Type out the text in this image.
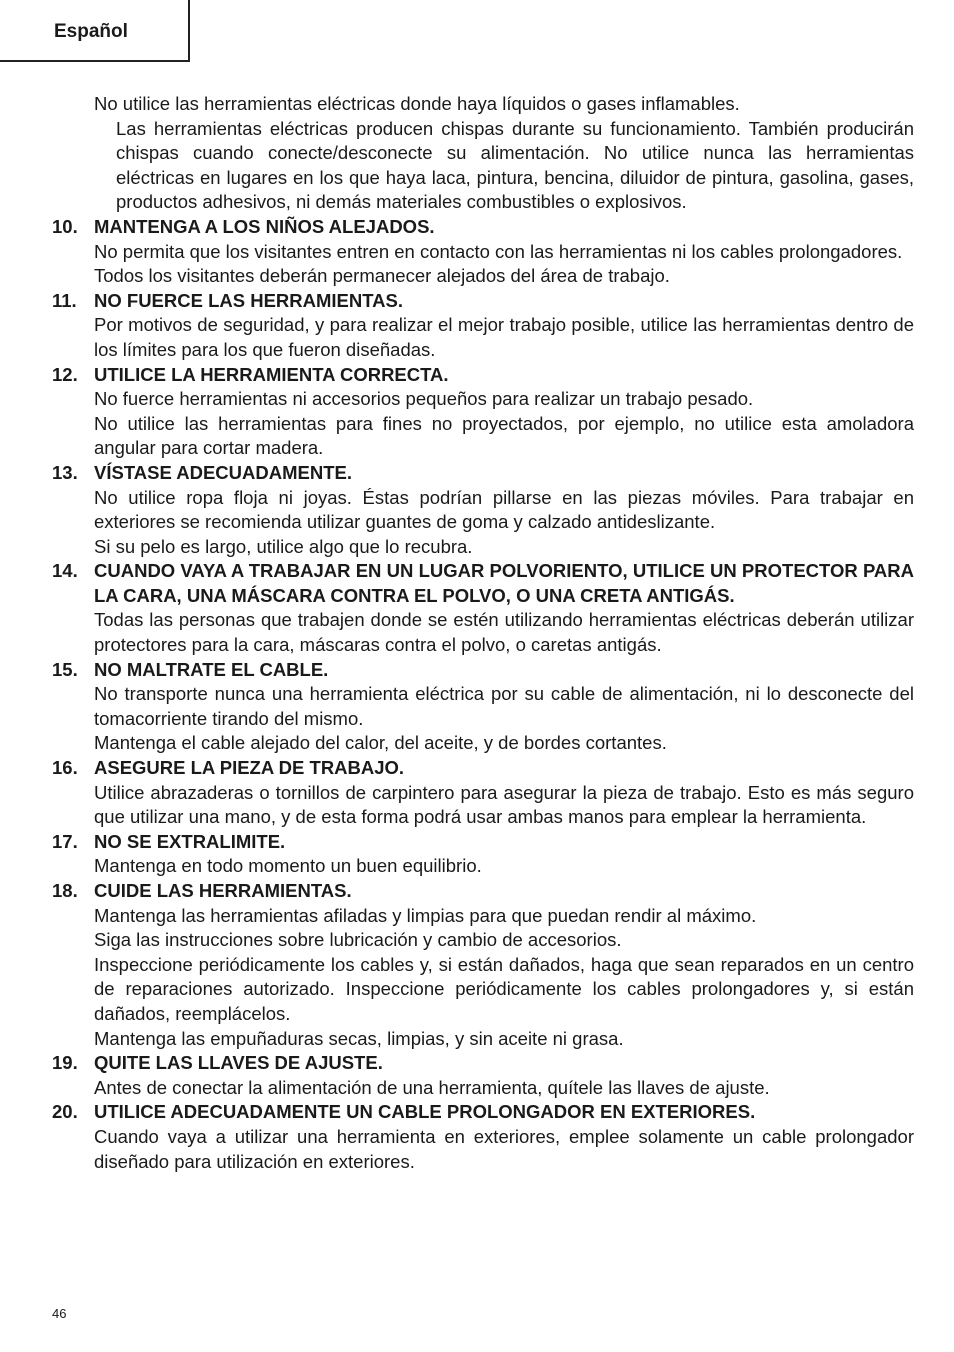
Español
No utilice las herramientas eléctricas donde haya líquidos o gases inflamables.
Las herramientas eléctricas producen chispas durante su funcionamiento. También producirán chispas cuando conecte/desconecte su alimentación. No utilice nunca las herramientas eléctricas en lugares en los que haya laca, pintura, bencina, diluidor de pintura, gasolina, gases, productos adhesivos, ni demás materiales combustibles o explosivos.
10. MANTENGA A LOS NIÑOS ALEJADOS.
No permita que los visitantes entren en contacto con las herramientas ni los cables prolongadores.
Todos los visitantes deberán permanecer alejados del área de trabajo.
11. NO FUERCE LAS HERRAMIENTAS.
Por motivos de seguridad, y para realizar el mejor trabajo posible, utilice las herramientas dentro de los límites para los que fueron diseñadas.
12. UTILICE LA HERRAMIENTA CORRECTA.
No fuerce herramientas ni accesorios pequeños para realizar un trabajo pesado.
No utilice las herramientas para fines no proyectados, por ejemplo, no utilice esta amoladora angular para cortar madera.
13. VÍSTASE ADECUADAMENTE.
No utilice ropa floja ni joyas. Éstas podrían pillarse en las piezas móviles. Para trabajar en exteriores se recomienda utilizar guantes de goma y calzado antideslizante.
Si su pelo es largo, utilice algo que lo recubra.
14. CUANDO VAYA A TRABAJAR EN UN LUGAR POLVORIENTO, UTILICE UN PROTECTOR PARA LA CARA, UNA MÁSCARA CONTRA EL POLVO, O UNA CRETA ANTIGÁS.
Todas las personas que trabajen donde se estén utilizando herramientas eléctricas deberán utilizar protectores para la cara, máscaras contra el polvo, o caretas antigás.
15. NO MALTRATE EL CABLE.
No transporte nunca una herramienta eléctrica por su cable de alimentación, ni lo desconecte del tomacorriente tirando del mismo.
Mantenga el cable alejado del calor, del aceite, y de bordes cortantes.
16. ASEGURE LA PIEZA DE TRABAJO.
Utilice abrazaderas o tornillos de carpintero para asegurar la pieza de trabajo. Esto es más seguro que utilizar una mano, y de esta forma podrá usar ambas manos para emplear la herramienta.
17. NO SE EXTRALIMITE.
Mantenga en todo momento un buen equilibrio.
18. CUIDE LAS HERRAMIENTAS.
Mantenga las herramientas afiladas y limpias para que puedan rendir al máximo.
Siga las instrucciones sobre lubricación y cambio de accesorios.
Inspeccione periódicamente los cables y, si están dañados, haga que sean reparados en un centro de reparaciones autorizado. Inspeccione periódicamente los cables prolongadores y, si están dañados, reemplácelos.
Mantenga las empuñaduras secas, limpias, y sin aceite ni grasa.
19. QUITE LAS LLAVES DE AJUSTE.
Antes de conectar la alimentación de una herramienta, quítele las llaves de ajuste.
20. UTILICE ADECUADAMENTE UN CABLE PROLONGADOR EN EXTERIORES.
Cuando vaya a utilizar una herramienta en exteriores, emplee solamente un cable prolongador diseñado para utilización en exteriores.
46
